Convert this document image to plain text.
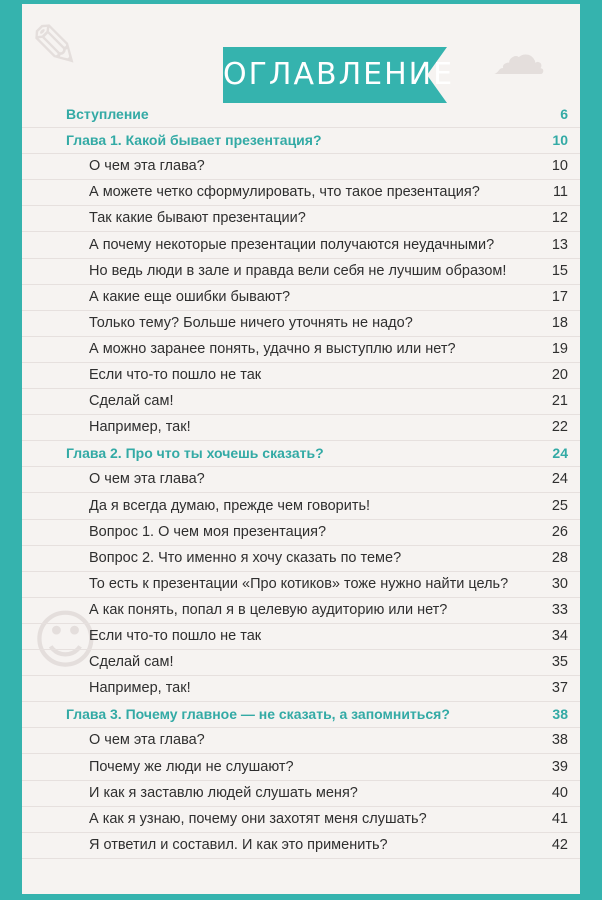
✎	☁
☺
ОГЛАВЛЕНИЕ
Вступление	6
Глава 1. Какой бывает презентация?	10
О чем эта глава?	10
А можете четко сформулировать, что такое презентация?	11
Так какие бывают презентации?	12
А почему некоторые презентации получаются неудачными?	13
Но ведь люди в зале и правда вели себя не лучшим образом!	15
А какие еще ошибки бывают?	17
Только тему? Больше ничего уточнять не надо?	18
А можно заранее понять, удачно я выступлю или нет?	19
Если что-то пошло не так	20
Сделай сам!	21
Например, так!	22
Глава 2. Про что ты хочешь сказать?	24
О чем эта глава?	24
Да я всегда думаю, прежде чем говорить!	25
Вопрос 1. О чем моя презентация?	26
Вопрос 2. Что именно я хочу сказать по теме?	28
То есть к презентации «Про котиков» тоже нужно найти цель?	30
А как понять, попал я в целевую аудиторию или нет?	33
Если что-то пошло не так	34
Сделай сам!	35
Например, так!	37
Глава 3. Почему главное — не сказать, а запомниться?	38
О чем эта глава?	38
Почему же люди не слушают?	39
И как я заставлю людей слушать меня?	40
А как я узнаю, почему они захотят меня слушать?	41
Я ответил и составил. И как это применить?	42
